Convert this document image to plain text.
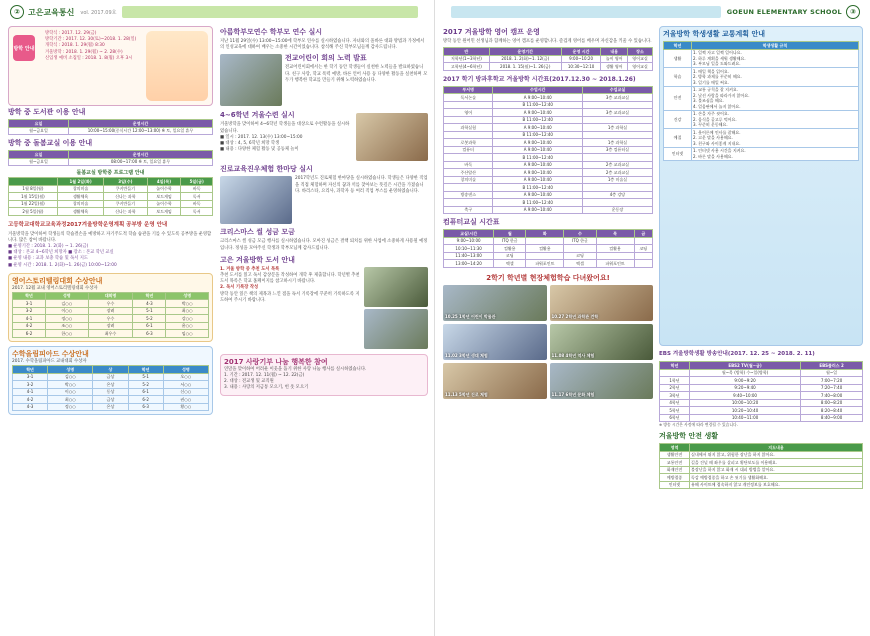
②	고은교육통신 vol. 2017.09호
방학 안내
방학식 : 2017. 12. 29(금)
방학기간 : 2017. 12. 30(토)~2018. 1. 28(일)
개학식 : 2018. 1. 29(월) 8:30
겨울방학 : 2018. 1. 29(월) ~ 2. 28(수)
신입생 예비 소집일 : 2018. 1. 8(월) 오후 3시
방학 중 도서관 이용 안내
요일	운영시간
월~금요일	10:00~15:00(중식시간 12:00~13:00) ※ 토, 일요일 휴무
방학 중 돌봄교실 이용 안내
요일	운영시간
월~금요일	08:00~17:00 ※ 토, 일요일 휴무
돌봄교실 방학중 프로그램 안내
	1월 2일(화)	3일(수)	4일(목)	5일(금)
1월 8일(월)	창의미술	쿠키만들기	놀이수학	바둑
1월 15일(월)	생활체육	신나는 과학	보드게임	독서
1월 22일(월)	창의미술	쿠키만들기	놀이수학	바둑
2월 5일(월)	생활체육	신나는 과학	보드게임	독서
고등학교대학교교육과정2017겨울방학운영계획 공부방 운영 안내
겨울방학을 맞이하여 학생들의 학습결손을 예방하고 자기주도적 학습 습관을 기를 수 있도록 공부방을 운영합니다. 많은 참여 바랍니다.
■ 운영기간 : 2018. 1. 2(화) ~ 1. 26(금)
■ 대상 : 본교 4~6학년 희망자 ■ 장소 : 본교 학년 교실
■ 운영 내용 : 교과 보충 학습 및 독서 지도
■ 운영 시간 : 2018. 1. 2(화)~1. 26(금) 10:00~12:00
영어스토리텔링대회 수상안내
2017. 12월 교내 영어스토리텔링대회 수상자
학년	성명	대회명	학년	성명
3-1	김○○	우수	4-3	박○○
3-2	이○○	장려	5-1	최○○
4-1	정○○	우수	5-2	강○○
4-2	조○○	장려	6-1	윤○○
6-2	한○○	최우수	6-3	임○○
수학올림피아드 수상안내
2017. 수학올림피아드 교내대회 수상자
학년	성명	상	학년	성명
3-1	김○○	금상	5-1	오○○
3-2	박○○	은상	5-2	서○○
4-1	이○○	동상	6-1	신○○
4-2	최○○	금상	6-2	권○○
4-3	정○○	은상	6-3	황○○
아름학부모연수 학부모 연수 실시
지난 11월 29일(수) 13:00~15:00에 학부모 연수를 실시하였습니다. 자녀와의 올바른 대화 방법과 가정에서의 인성교육에 대하여 배우는 소중한 시간이었습니다. 참석해 주신 학부모님들께 감사드립니다.
전교어린이 회의 노력 발표
전교어린이회에서는 한 학기 동안 학생들이 실천한 노력들을 발표하였습니다. 친구 사랑, 학교 폭력 예방, 바른 언어 사용 등 다양한 활동을 실천하며 모두가 행복한 학교를 만들기 위해 노력하였습니다.
4~6학년 겨울수련 실시
겨울방학을 맞이하여 4~6학년 학생들을 대상으로 수련활동을 실시하였습니다.
■ 일시 : 2017. 12. 13(수) 13:00~15:00
■ 대상 : 4, 5, 6학년 희망 학생
■ 내용 : 다양한 체험 활동 및 공동체 놀이
진로교육진우체험 한마당 실시
2017학년도 진로체험 한마당을 실시하였습니다. 학생들은 다양한 직업을 직접 체험하며 자신의 꿈과 끼를 찾아보는 뜻깊은 시간을 가졌습니다. 바리스타, 요리사, 과학자 등 여러 직업 부스를 운영하였습니다.
크리스마스 씰 성금 모금
크리스마스 씰 성금 모금 행사를 실시하였습니다. 모아진 성금은 결핵 퇴치를 위한 사업에 소중하게 사용될 예정입니다. 정성을 모아주신 학생과 학부모님께 감사드립니다.
고은 겨울방학 도서 안내
1. 겨울 방학 중 추천 도서 목록
추천 도서를 읽고 독서 감상문을 작성하여 개학 후 제출합니다. 학년별 추천 도서 목록은 학교 홈페이지를 참고하시기 바랍니다.
2. 독서 기록장 작성
방학 동안 읽은 책의 제목과 느낀 점을 독서 기록장에 꾸준히 기록하도록 지도하여 주시기 바랍니다.
2017 사랑기부 나눔 행복한 참여
연말을 맞이하여 어려운 이웃을 돕기 위한 사랑 나눔 행사를 실시하였습니다.
1. 기간 : 2017. 12. 11(월) ~ 12. 22(금)
2. 대상 : 전교생 및 교직원
3. 내용 : 사랑의 저금통 모으기, 헌 옷 모으기
GOEUN ELEMENTARY SCHOOL	③
2017 겨울방학 영어 캠프 운영
방학 동안 원어민 선생님과 함께하는 영어 캠프를 운영합니다. 즐겁게 영어를 배우며 자신감을 키울 수 있습니다.
반	운영기간	운영 시간	내용	장소
저학년(1~3학년)	2018. 1. 2(화)~1. 12(금)	9:00~10:20	놀이 영어	영어교실
고학년(4~6학년)	2018. 1. 15(월)~1. 26(금)	10:30~12:10	생활 영어	영어교실
2017 학기 방과후학교 겨울방학 시간표(2017.12.30 ~ 2018.1.26)
부서명	수업시간	수업교실
독서논술	A 9:00~10:40	3층 교과교실
	B 11:00~12:40	
영어	A 9:00~10:40	3층 교과교실
	B 11:00~12:40	
과학실험	A 9:00~10:40	1층 과학실
	B 11:00~12:40	
로봇과학	A 9:00~10:40	1층 과학실
컴퓨터	A 9:00~10:40	3층 컴퓨터실
	B 11:00~12:40	
바둑	A 9:00~10:40	2층 교과교실
주산암산	A 9:00~10:40	2층 교과교실
창의미술	A 9:00~10:40	1층 미술실
	B 11:00~12:40	
방송댄스	A 9:00~10:40	4층 강당
	B 11:00~12:40	
축구	A 9:00~10:40	운동장
컴퓨터교실 시간표
교실\시간	월	화	수	목	금
9:00~10:00	ITQ 한글		ITQ 한글		
10:10~11:30	컴활용	컴활용		컴활용	코딩
11:40~13:00	코딩		코딩		
13:00~14:20	엑셀	파워포인트	엑셀	파워포인트	
2학기 학년별 현장체험학습 다녀왔어요!
10.25 1학년 어린이 박물관	10.27 2학년 과학관 견학
11.02 3학년 생태 체험	11.08 4학년 역사 체험
11.13 5학년 진로 체험	11.17 6학년 문화 체험
겨울방학 학생생활 교통계획 안내
학년	학생생활 규칙
생활	1. 일찍 자고 일찍 일어나요.
2. 하루 계획을 세워 생활해요.
3. 부모님 일을 도와드려요.
학습	1. 매일 책을 읽어요.
2. 방학 과제를 꾸준히 해요.
3. 일기를 매일 써요.
안전	1. 교통 규칙을 잘 지켜요.
2. 낯선 사람을 따라가지 않아요.
3. 불조심을 해요.
4. 얼음판에서 놀지 않아요.
건강	1. 손을 자주 씻어요.
2. 음식을 골고루 먹어요.
3. 꾸준히 운동해요.
예절	1. 웃어른께 인사를 잘해요.
2. 고운 말을 사용해요.
3. 친구와 사이좋게 지내요.
인터넷	1. 인터넷 사용 시간을 지켜요.
2. 바른 말을 사용해요.
EBS 겨울방학생활 방송안내(2017. 12. 25 ~ 2018. 2. 11)
학년	EBS2 TV(월~금)	EBS플러스 2
	월~목 (방학) 수~일(방학)	월~일
1학년	9:00~9:20	7:00~7:20
2학년	9:20~9:40	7:20~7:40
3학년	9:40~10:00	7:40~8:00
4학년	10:00~10:20	8:00~8:20
5학년	10:20~10:40	8:20~8:40
6학년	10:40~11:00	8:40~9:00
※ 방송 시간은 사정에 따라 변경될 수 있습니다.
겨울방학 안전 생활
영역	지도내용
생활안전	실내에서 뛰지 않고, 위험한 장난을 하지 않아요.
교통안전	길을 건널 때 좌우를 살피고 횡단보도를 이용해요.
화재안전	불장난을 하지 않고 화재 시 대피 방법을 알아요.
예방접종	독감 예방접종을 하고 손 씻기를 생활화해요.
인터넷	유해 사이트에 접속하지 않고 개인정보를 보호해요.
